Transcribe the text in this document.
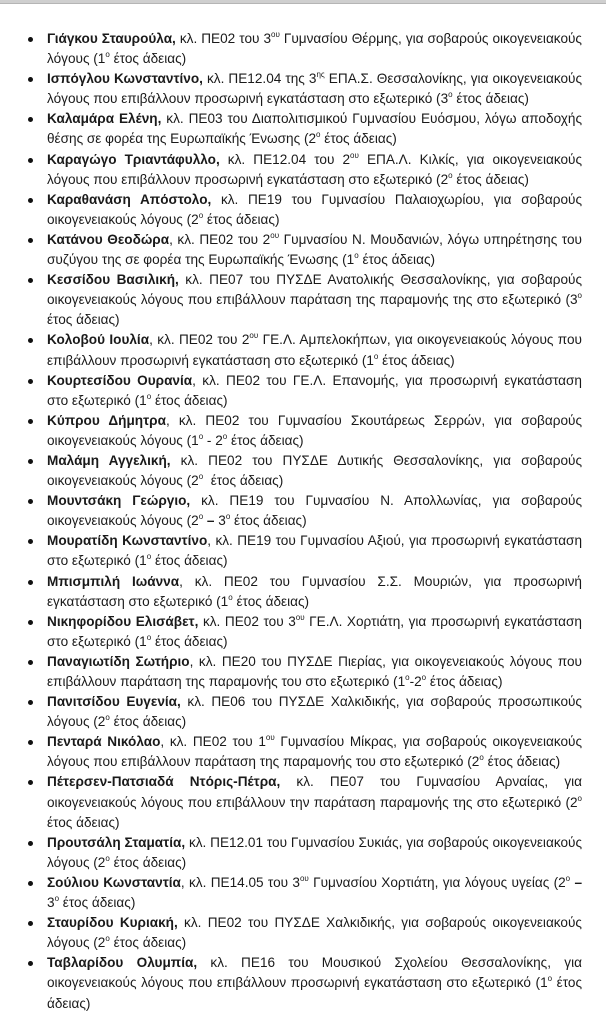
Γιάγκου Σταυρούλα, κλ. ΠΕ02 του $3^{o\upsilon}$ Γυμνασίου Θέρμης, για σοβαρούς οικογενειακούς λόγους ($1^o$ έτος άδειας)
Ισπόγλου Κωνσταντίνο, κλ. ΠΕ12.04 της $3^{\eta\varsigma}$ ΕΠΑ.Σ. Θεσσαλονίκης, για οικογενειακούς λόγους που επιβάλλουν προσωρινή εγκατάσταση στο εξωτερικό ($3^o$ έτος άδειας)
Καλαμάρα Ελένη, κλ. ΠΕ03 του Διαπολιτισμικού Γυμνασίου Ευόσμου, λόγω αποδοχής θέσης σε φορέα της Ευρωπαϊκής Ένωσης ($2^o$ έτος άδειας)
Καραγώγο Τριαντάφυλλο, κλ. ΠΕ12.04 του $2^{o\upsilon}$ ΕΠΑ.Λ. Κιλκίς, για οικογενειακούς λόγους που επιβάλλουν προσωρινή εγκατάσταση στο εξωτερικό ($2^o$ έτος άδειας)
Καραθανάση Απόστολο, κλ. ΠΕ19 του Γυμνασίου Παλαιοχωρίου, για σοβαρούς οικογενειακούς λόγους ($2^o$ έτος άδειας)
Κατάνου Θεοδώρα, κλ. ΠΕ02 του $2^{o\upsilon}$ Γυμνασίου Ν. Μουδανιών, λόγω υπηρέτησης του συζύγου της σε φορέα της Ευρωπαϊκής Ένωσης ($1^o$ έτος άδειας)
Κεσσίδου Βασιλική, κλ. ΠΕ07 του ΠΥΣΔΕ Ανατολικής Θεσσαλονίκης, για σοβαρούς οικογενειακούς λόγους που επιβάλλουν παράταση της παραμονής της στο εξωτερικό ($3^o$ έτος άδειας)
Κολοβού Ιουλία, κλ. ΠΕ02 του $2^{o\upsilon}$ ΓΕ.Λ. Αμπελοκήπων, για οικογενειακούς λόγους που επιβάλλουν προσωρινή εγκατάσταση στο εξωτερικό ($1^o$ έτος άδειας)
Κουρτεσίδου Ουρανία, κλ. ΠΕ02 του ΓΕ.Λ. Επανομής, για προσωρινή εγκατάσταση στο εξωτερικό ($1^o$ έτος άδειας)
Κύπρου Δήμητρα, κλ. ΠΕ02 του Γυμνασίου Σκουτάρεως Σερρών, για σοβαρούς οικογενειακούς λόγους ($1^o - 2^o$ έτος άδειας)
Μαλάμη Αγγελική, κλ. ΠΕ02 του ΠΥΣΔΕ Δυτικής Θεσσαλονίκης, για σοβαρούς οικογενειακούς λόγους ($2^o$  έτος άδειας)
Μουντσάκη Γεώργιο, κλ. ΠΕ19 του Γυμνασίου Ν. Απολλωνίας, για σοβαρούς οικογενειακούς λόγους ($2^o - 3^o$ έτος άδειας)
Μουρατίδη Κωνσταντίνο, κλ. ΠΕ19 του Γυμνασίου Αξιού, για προσωρινή εγκατάσταση στο εξωτερικό ($1^o$ έτος άδειας)
Μπισμπιλή Ιωάννα, κλ. ΠΕ02 του Γυμνασίου Σ.Σ. Μουριών, για προσωρινή εγκατάσταση στο εξωτερικό ($1^o$ έτος άδειας)
Νικηφορίδου Ελισάβετ, κλ. ΠΕ02 του $3^{o\upsilon}$ ΓΕ.Λ. Χορτιάτη, για προσωρινή εγκατάσταση στο εξωτερικό ($1^o$ έτος άδειας)
Παναγιωτίδη Σωτήριο, κλ. ΠΕ20 του ΠΥΣΔΕ Πιερίας, για οικογενειακούς λόγους που επιβάλλουν παράταση της παραμονής του στο εξωτερικό ($1^o-2^o$ έτος άδειας)
Πανιτσίδου Ευγενία, κλ. ΠΕ06 του ΠΥΣΔΕ Χαλκιδικής, για σοβαρούς προσωπικούς λόγους ($2^o$ έτος άδειας)
Πενταρά Νικόλαο, κλ. ΠΕ02 του $1^{o\upsilon}$ Γυμνασίου Μίκρας, για σοβαρούς οικογενειακούς λόγους που επιβάλλουν παράταση της παραμονής του στο εξωτερικό ($2^o$ έτος άδειας)
Πέτερσεν-Πατσιαδά Ντόρις-Πέτρα, κλ. ΠΕ07 του Γυμνασίου Αρναίας, για οικογενειακούς λόγους που επιβάλλουν την παράταση παραμονής της στο εξωτερικό ($2^o$ έτος άδειας)
Προυτσάλη Σταματία, κλ. ΠΕ12.01 του Γυμνασίου Συκιάς, για σοβαρούς οικογενειακούς λόγους ($2^o$ έτος άδειας)
Σούλιου Κωνσταντία, κλ. ΠΕ14.05 του $3^{o\upsilon}$ Γυμνασίου Χορτιάτη, για λόγους υγείας ($2^o - 3^o$ έτος άδειας)
Σταυρίδου Κυριακή, κλ. ΠΕ02 του ΠΥΣΔΕ Χαλκιδικής, για σοβαρούς οικογενειακούς λόγους ($2^o$ έτος άδειας)
Ταβλαρίδου Ολυμπία, κλ. ΠΕ16 του Μουσικού Σχολείου Θεσσαλονίκης, για οικογενειακούς λόγους που επιβάλλουν προσωρινή εγκατάσταση στο εξωτερικό ($1^o$ έτος άδειας)
